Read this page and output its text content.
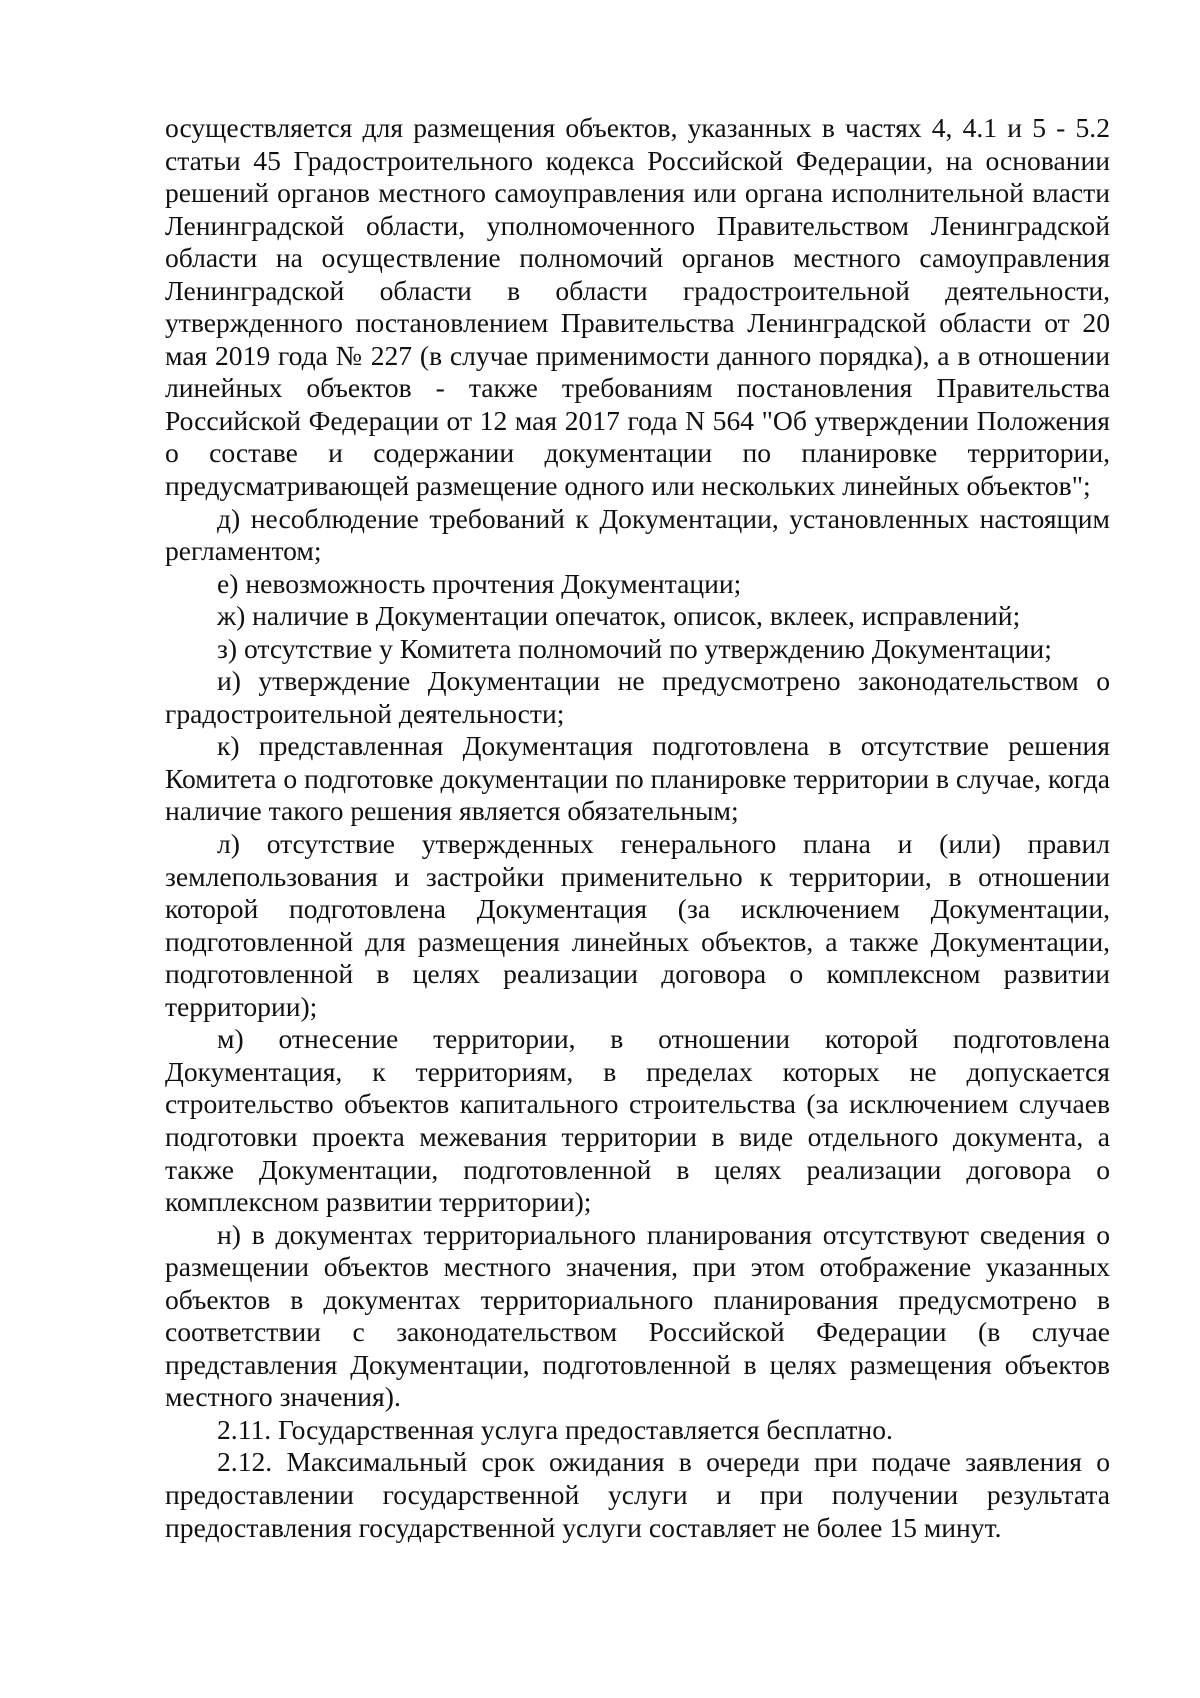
осуществляется для размещения объектов, указанных в частях 4, 4.1 и 5 - 5.2 статьи 45 Градостроительного кодекса Российской Федерации, на основании решений органов местного самоуправления или органа исполнительной власти Ленинградской области, уполномоченного Правительством Ленинградской области на осуществление полномочий органов местного самоуправления Ленинградской области в области градостроительной деятельности, утвержденного постановлением Правительства Ленинградской области от 20 мая 2019 года № 227 (в случае применимости данного порядка), а в отношении линейных объектов - также требованиям постановления Правительства Российской Федерации от 12 мая 2017 года N 564 "Об утверждении Положения о составе и содержании документации по планировке территории, предусматривающей размещение одного или нескольких линейных объектов";

д) несоблюдение требований к Документации, установленных настоящим регламентом;

е) невозможность прочтения Документации;

ж) наличие в Документации опечаток, описок, вклеек, исправлений;

з) отсутствие у Комитета полномочий по утверждению Документации;

и) утверждение Документации не предусмотрено законодательством о градостроительной деятельности;

к) представленная Документация подготовлена в отсутствие решения Комитета о подготовке документации по планировке территории в случае, когда наличие такого решения является обязательным;

л) отсутствие утвержденных генерального плана и (или) правил землепользования и застройки применительно к территории, в отношении которой подготовлена Документация (за исключением Документации, подготовленной для размещения линейных объектов, а также Документации, подготовленной в целях реализации договора о комплексном развитии территории);

м) отнесение территории, в отношении которой подготовлена Документация, к территориям, в пределах которых не допускается строительство объектов капитального строительства (за исключением случаев подготовки проекта межевания территории в виде отдельного документа, а также Документации, подготовленной в целях реализации договора о комплексном развитии территории);

н) в документах территориального планирования отсутствуют сведения о размещении объектов местного значения, при этом отображение указанных объектов в документах территориального планирования предусмотрено в соответствии с законодательством Российской Федерации (в случае представления Документации, подготовленной в целях размещения объектов местного значения).

2.11. Государственная услуга предоставляется бесплатно.

2.12. Максимальный срок ожидания в очереди при подаче заявления о предоставлении государственной услуги и при получении результата предоставления государственной услуги составляет не более 15 минут.
